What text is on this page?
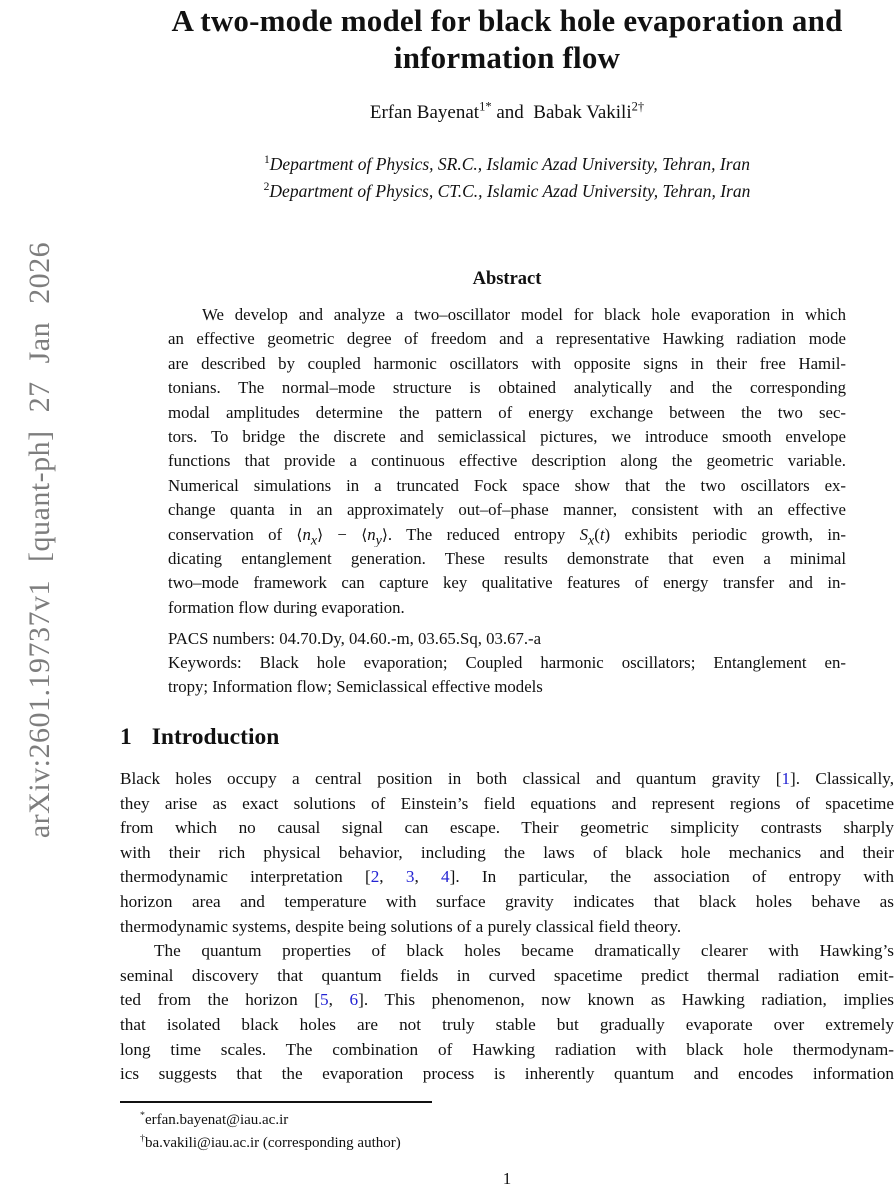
arXiv:2601.19737v1 [quant-ph] 27 Jan 2026
A two-mode model for black hole evaporation and
information flow
Erfan Bayenat$^{1*}$ and  Babak Vakili$^{2\dagger}$
$^1$Department of Physics, SR.C., Islamic Azad University, Tehran, Iran
$^2$Department of Physics, CT.C., Islamic Azad University, Tehran, Iran
Abstract
We develop and analyze a two–oscillator model for black hole evaporation in which
an effective geometric degree of freedom and a representative Hawking radiation mode
are described by coupled harmonic oscillators with opposite signs in their free Hamil-
tonians. The normal–mode structure is obtained analytically and the corresponding
modal amplitudes determine the pattern of energy exchange between the two sec-
tors. To bridge the discrete and semiclassical pictures, we introduce smooth envelope
functions that provide a continuous effective description along the geometric variable.
Numerical simulations in a truncated Fock space show that the two oscillators ex-
change quanta in an approximately out–of–phase manner, consistent with an effective
conservation of $⟨n_x⟩$ − $⟨n_y⟩$. The reduced entropy $S_x(t)$ exhibits periodic growth, in-
dicating entanglement generation. These results demonstrate that even a minimal
two–mode framework can capture key qualitative features of energy transfer and in-
formation flow during evaporation.
PACS numbers: 04.70.Dy, 04.60.-m, 03.65.Sq, 03.67.-a
Keywords: Black hole evaporation; Coupled harmonic oscillators; Entanglement en-
tropy; Information flow; Semiclassical effective models
1 Introduction
Black holes occupy a central position in both classical and quantum gravity [1]. Classically,
they arise as exact solutions of Einstein’s field equations and represent regions of spacetime
from which no causal signal can escape. Their geometric simplicity contrasts sharply
with their rich physical behavior, including the laws of black hole mechanics and their
thermodynamic interpretation [2, 3, 4]. In particular, the association of entropy with
horizon area and temperature with surface gravity indicates that black holes behave as
thermodynamic systems, despite being solutions of a purely classical field theory.
The quantum properties of black holes became dramatically clearer with Hawking’s
seminal discovery that quantum fields in curved spacetime predict thermal radiation emit-
ted from the horizon [5, 6]. This phenomenon, now known as Hawking radiation, implies
that isolated black holes are not truly stable but gradually evaporate over extremely
long time scales. The combination of Hawking radiation with black hole thermodynam-
ics suggests that the evaporation process is inherently quantum and encodes information
*erfan.bayenat@iau.ac.ir
†ba.vakili@iau.ac.ir (corresponding author)
1
